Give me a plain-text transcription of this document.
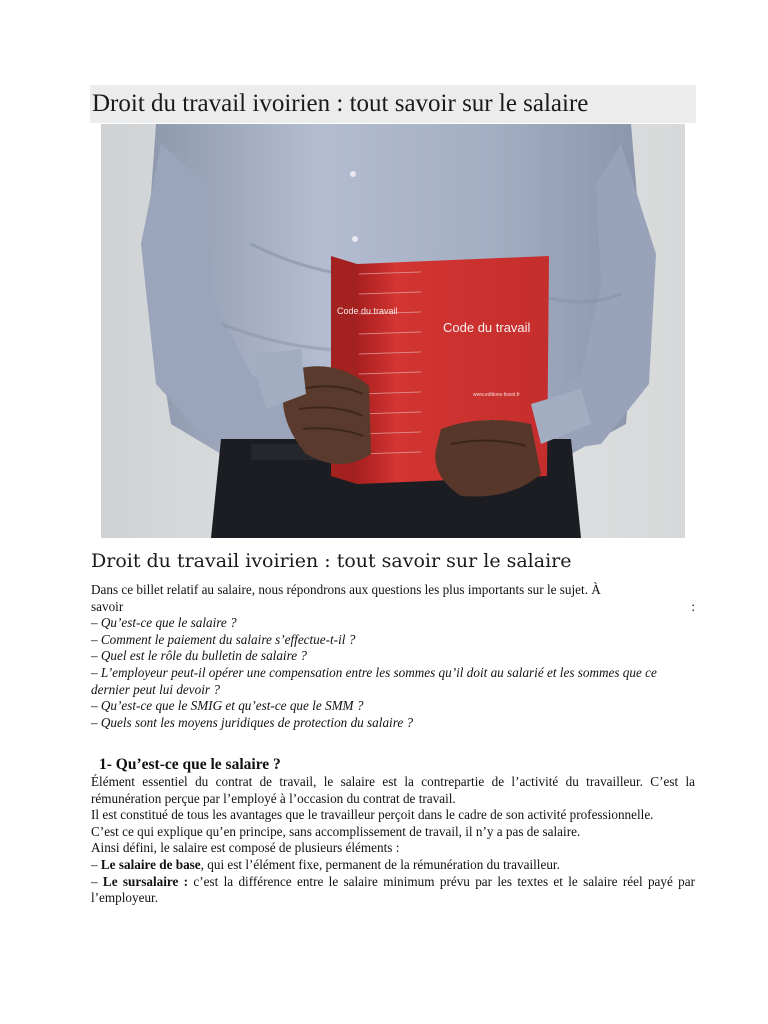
Droit du travail ivoirien : tout savoir sur le salaire
Code du travail
Code du travail
www.editions-tissot.fr
Droit du travail ivoirien : tout savoir sur le salaire
Dans ce billet relatif au salaire, nous répondrons aux questions les plus importants sur le sujet. À
savoir	:
– Qu’est-ce que le salaire ?
– Comment le paiement du salaire s’effectue-t-il ?
– Quel est le rôle du bulletin de salaire ?
– L’employeur peut-il opérer une compensation entre les sommes qu’il doit au salarié et les sommes que ce dernier peut lui devoir ?
– Qu’est-ce que le SMIG et qu’est-ce que le SMM ?
– Quels sont les moyens juridiques de protection du salaire ?
1- Qu’est-ce que le salaire ?

Élément essentiel du contrat de travail, le salaire est la contrepartie de l’activité du travailleur. C’est la rémunération perçue par l’employé à l’occasion du contrat de travail.

Il est constitué de tous les avantages que le travailleur perçoit dans le cadre de son activité professionnelle.

C’est ce qui explique qu’en principe, sans accomplissement de travail, il n’y a pas de salaire.

Ainsi défini, le salaire est composé de plusieurs éléments :

– Le salaire de base, qui est l’élément fixe, permanent de la rémunération du travailleur.

– Le sursalaire : c’est la différence entre le salaire minimum prévu par les textes et le salaire réel payé par l’employeur.
